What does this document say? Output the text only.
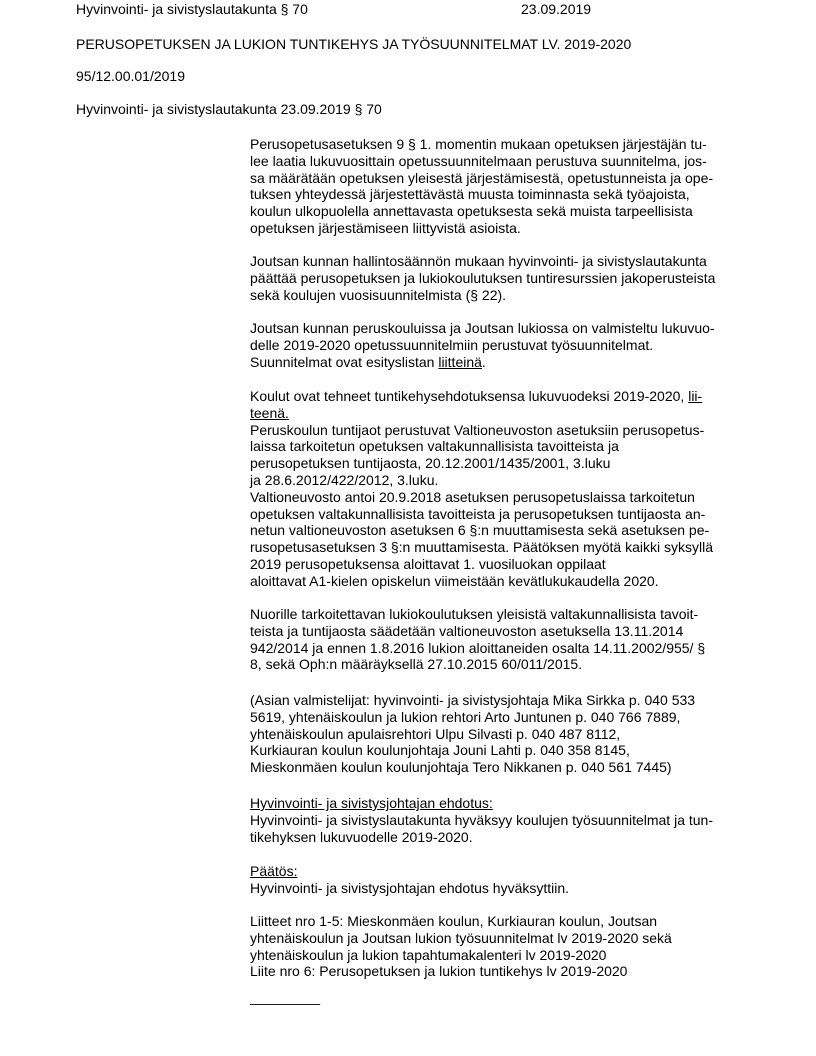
Hyvinvointi- ja sivistyslautakunta § 70	23.09.2019
PERUSOPETUKSEN JA LUKION TUNTIKEHYS JA TYÖSUUNNITELMAT LV. 2019-2020
95/12.00.01/2019
Hyvinvointi- ja sivistyslautakunta 23.09.2019 § 70
Perusopetusasetuksen 9 § 1. momentin mukaan opetuksen järjestäjän tu-
lee laatia lukuvuosittain opetussuunnitelmaan perustuva suunnitelma, jos-
sa määrätään opetuksen yleisestä järjestämisestä, opetustunneista ja ope-
tuksen yhteydessä järjestettävästä muusta toiminnasta sekä työajoista,
koulun ulkopuolella annettavasta opetuksesta sekä muista tarpeellisista
opetuksen järjestämiseen liittyvistä asioista.
Joutsan kunnan hallintosäännön mukaan hyvinvointi- ja sivistyslautakunta
päättää perusopetuksen ja lukiokoulutuksen tuntiresurssien jakoperusteista
sekä koulujen vuosisuunnitelmista (§ 22).
Joutsan kunnan peruskouluissa ja Joutsan lukiossa on valmisteltu lukuvuo-
delle 2019-2020 opetussuunnitelmiin perustuvat työsuunnitelmat.
Suunnitelmat ovat esityslistan liitteinä.
Koulut ovat tehneet tuntikehysehdotuksensa lukuvuodeksi 2019-2020, lii-
teenä.
Peruskoulun tuntijaot perustuvat Valtioneuvoston asetuksiin perusopetus-
laissa tarkoitetun opetuksen valtakunnallisista tavoitteista ja
perusopetuksen tuntijaosta, 20.12.2001/1435/2001, 3.luku
ja 28.6.2012/422/2012, 3.luku.
Valtioneuvosto antoi 20.9.2018 asetuksen perusopetuslaissa tarkoitetun
opetuksen valtakunnallisista tavoitteista ja perusopetuksen tuntijaosta an-
netun valtioneuvoston asetuksen 6 §:n muuttamisesta sekä asetuksen pe-
rusopetusasetuksen 3 §:n muuttamisesta. Päätöksen myötä kaikki syksyllä
2019 perusopetuksensa aloittavat 1. vuosiluokan oppilaat
aloittavat A1-kielen opiskelun viimeistään kevätlukukaudella 2020.
Nuorille tarkoitettavan lukiokoulutuksen yleisistä valtakunnallisista tavoit-
teista ja tuntijaosta säädetään valtioneuvoston asetuksella 13.11.2014
942/2014 ja ennen 1.8.2016 lukion aloittaneiden osalta 14.11.2002/955/ §
8, sekä Oph:n määräyksellä 27.10.2015 60/011/2015.
(Asian valmistelijat: hyvinvointi- ja sivistysjohtaja Mika Sirkka p. 040 533
5619, yhtenäiskoulun ja lukion rehtori Arto Juntunen p. 040 766 7889,
yhtenäiskoulun apulaisrehtori Ulpu Silvasti p. 040 487 8112,
Kurkiauran koulun koulunjohtaja Jouni Lahti p. 040 358 8145,
Mieskonmäen koulun koulunjohtaja Tero Nikkanen p. 040 561 7445)
Hyvinvointi- ja sivistysjohtajan ehdotus:
Hyvinvointi- ja sivistyslautakunta hyväksyy koulujen työsuunnitelmat ja tun-
tikehyksen lukuvuodelle 2019-2020.
Päätös:
Hyvinvointi- ja sivistysjohtajan ehdotus hyväksyttiin.
Liitteet nro 1-5: Mieskonmäen koulun, Kurkiauran koulun, Joutsan
yhtenäiskoulun ja Joutsan lukion työsuunnitelmat lv 2019-2020 sekä
yhtenäiskoulun ja lukion tapahtumakalenteri lv 2019-2020
Liite nro 6: Perusopetuksen ja lukion tuntikehys lv 2019-2020
_________
